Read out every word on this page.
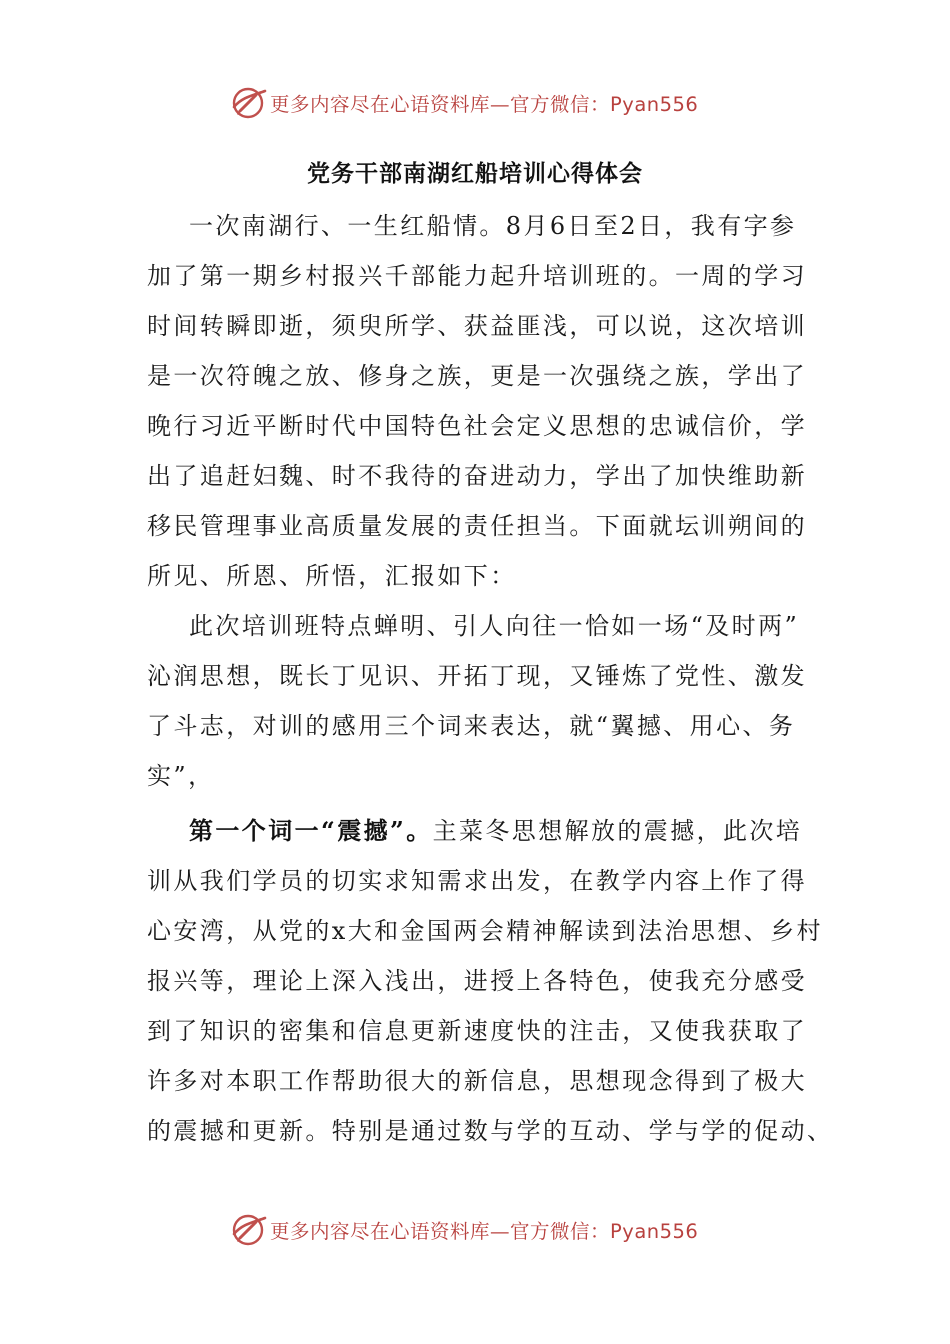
更多内容尽在心语资料库—官方微信：Pyan556
党务干部南湖红船培训心得体会
一次南湖行、一生红船情。8月6日至2日，我有字参
加了第一期乡村报兴千部能力起升培训班的。一周的学习
时间转瞬即逝，须臾所学、获益匪浅，可以说，这次培训
是一次符魄之放、修身之族，更是一次强绕之族，学出了
晚行习近平断时代中国特色社会定义思想的忠诚信价，学
出了追赶妇魏、时不我待的奋进动力，学出了加快维助新
移民管理事业高质量发展的责任担当。下面就坛训朔间的
所见、所恩、所悟，汇报如下：
此次培训班特点蝉明、引人向往一恰如一场“及时两”
沁润思想，既长丁见识、开拓丁现，又锤炼了党性、激发
了斗志，对训的感用三个词来表达，就“翼撼、用心、务
实”，
第一个词一“震撼”。主菜冬思想解放的震撼，此次培
训从我们学员的切实求知需求出发，在教学内容上作了得
心安湾，从党的x大和金国两会精神解读到法治思想、乡村
报兴等，理论上深入浅出，进授上各特色，使我充分感受
到了知识的密集和信息更新速度快的注击，又使我获取了
许多对本职工作帮助很大的新信息，思想现念得到了极大
的震撼和更新。特别是通过数与学的互动、学与学的促动、
更多内容尽在心语资料库—官方微信：Pyan556
